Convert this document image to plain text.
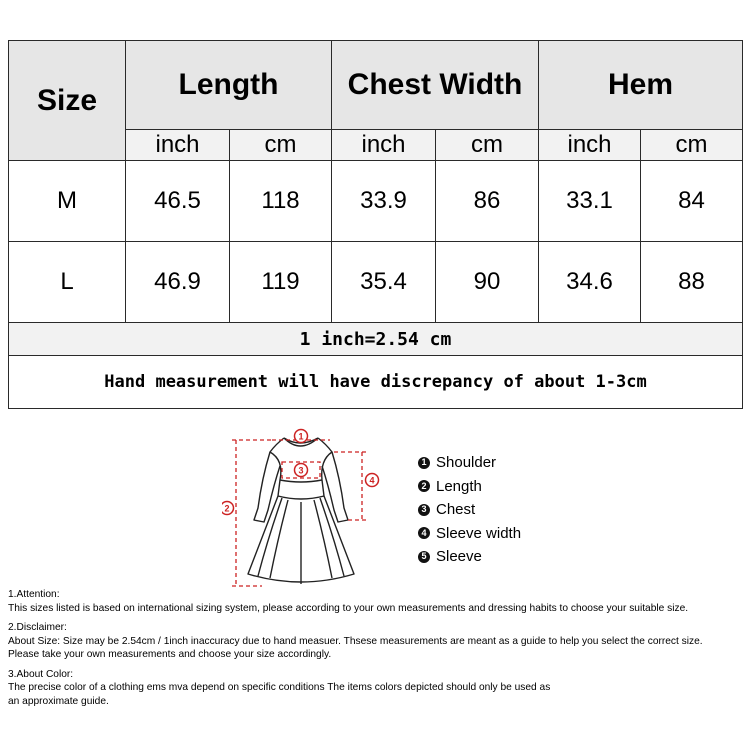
Size	Length		Chest Width		Hem	
	inch	cm	inch	cm	inch	cm
M	46.5	118	33.9	86	33.1	84
L	46.9	119	35.4	90	34.6	88
1 inch=2.54 cm						
Hand measurement will have discrepancy of about 1-3cm						
1
2
3
4
1 Shoulder
2 Length
3 Chest
4 Sleeve width
5 Sleeve

1.Attention:

This sizes listed is based on international sizing system, please according to your own measurements and dressing habits to choose your suitable size.

2.Disclaimer:

About Size: Size may be 2.54cm / 1inch inaccuracy due to hand measuer. Thsese measurements are meant as a guide to help you select the correct size.

Please take your own measurements and choose your size accordingly.

3.About Color:

The precise color of a clothing ems mva depend on specific conditions The items colors depicted should only be used as

an approximate guide.
